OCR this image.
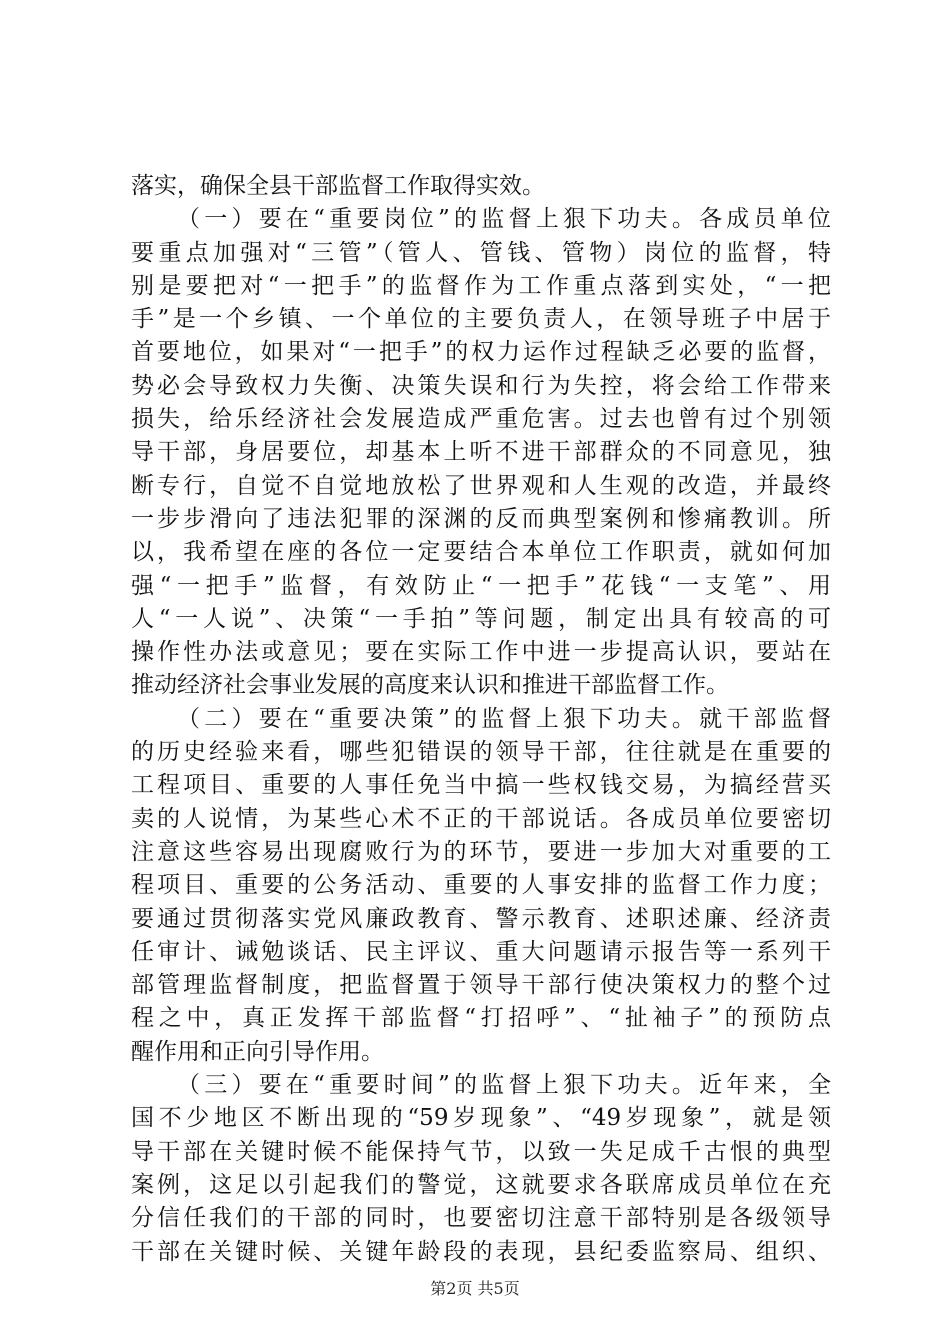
落实，确保全县干部监督工作取得实效。
（一）要在“重要岗位”的监督上狠下功夫。各成员单位
要重点加强对“三管”（管人、管钱、管物）岗位的监督，特
别是要把对“一把手”的监督作为工作重点落到实处，“一把
手”是一个乡镇、一个单位的主要负责人，在领导班子中居于
首要地位，如果对“一把手”的权力运作过程缺乏必要的监督，
势必会导致权力失衡、决策失误和行为失控，将会给工作带来
损失，给乐经济社会发展造成严重危害。过去也曾有过个别领
导干部，身居要位，却基本上听不进干部群众的不同意见，独
断专行，自觉不自觉地放松了世界观和人生观的改造，并最终
一步步滑向了违法犯罪的深渊的反而典型案例和惨痛教训。所
以，我希望在座的各位一定要结合本单位工作职责，就如何加
强“一把手”监督，有效防止“一把手”花钱“一支笔”、用
人“一人说”、决策“一手拍”等问题，制定出具有较高的可
操作性办法或意见；要在实际工作中进一步提高认识，要站在
推动经济社会事业发展的高度来认识和推进干部监督工作。
（二）要在“重要决策”的监督上狠下功夫。就干部监督
的历史经验来看，哪些犯错误的领导干部，往往就是在重要的
工程项目、重要的人事任免当中搞一些权钱交易，为搞经营买
卖的人说情，为某些心术不正的干部说话。各成员单位要密切
注意这些容易出现腐败行为的环节，要进一步加大对重要的工
程项目、重要的公务活动、重要的人事安排的监督工作力度；
要通过贯彻落实党风廉政教育、警示教育、述职述廉、经济责
任审计、诫勉谈话、民主评议、重大问题请示报告等一系列干
部管理监督制度，把监督置于领导干部行使决策权力的整个过
程之中，真正发挥干部监督“打招呼”、“扯袖子”的预防点
醒作用和正向引导作用。
（三）要在“重要时间”的监督上狠下功夫。近年来，全
国不少地区不断出现的“59岁现象”、“49岁现象”，就是领
导干部在关键时候不能保持气节，以致一失足成千古恨的典型
案例，这足以引起我们的警觉，这就要求各联席成员单位在充
分信任我们的干部的同时，也要密切注意干部特别是各级领导
干部在关键时候、关键年龄段的表现，县纪委监察局、组织、
第2页 共5页
